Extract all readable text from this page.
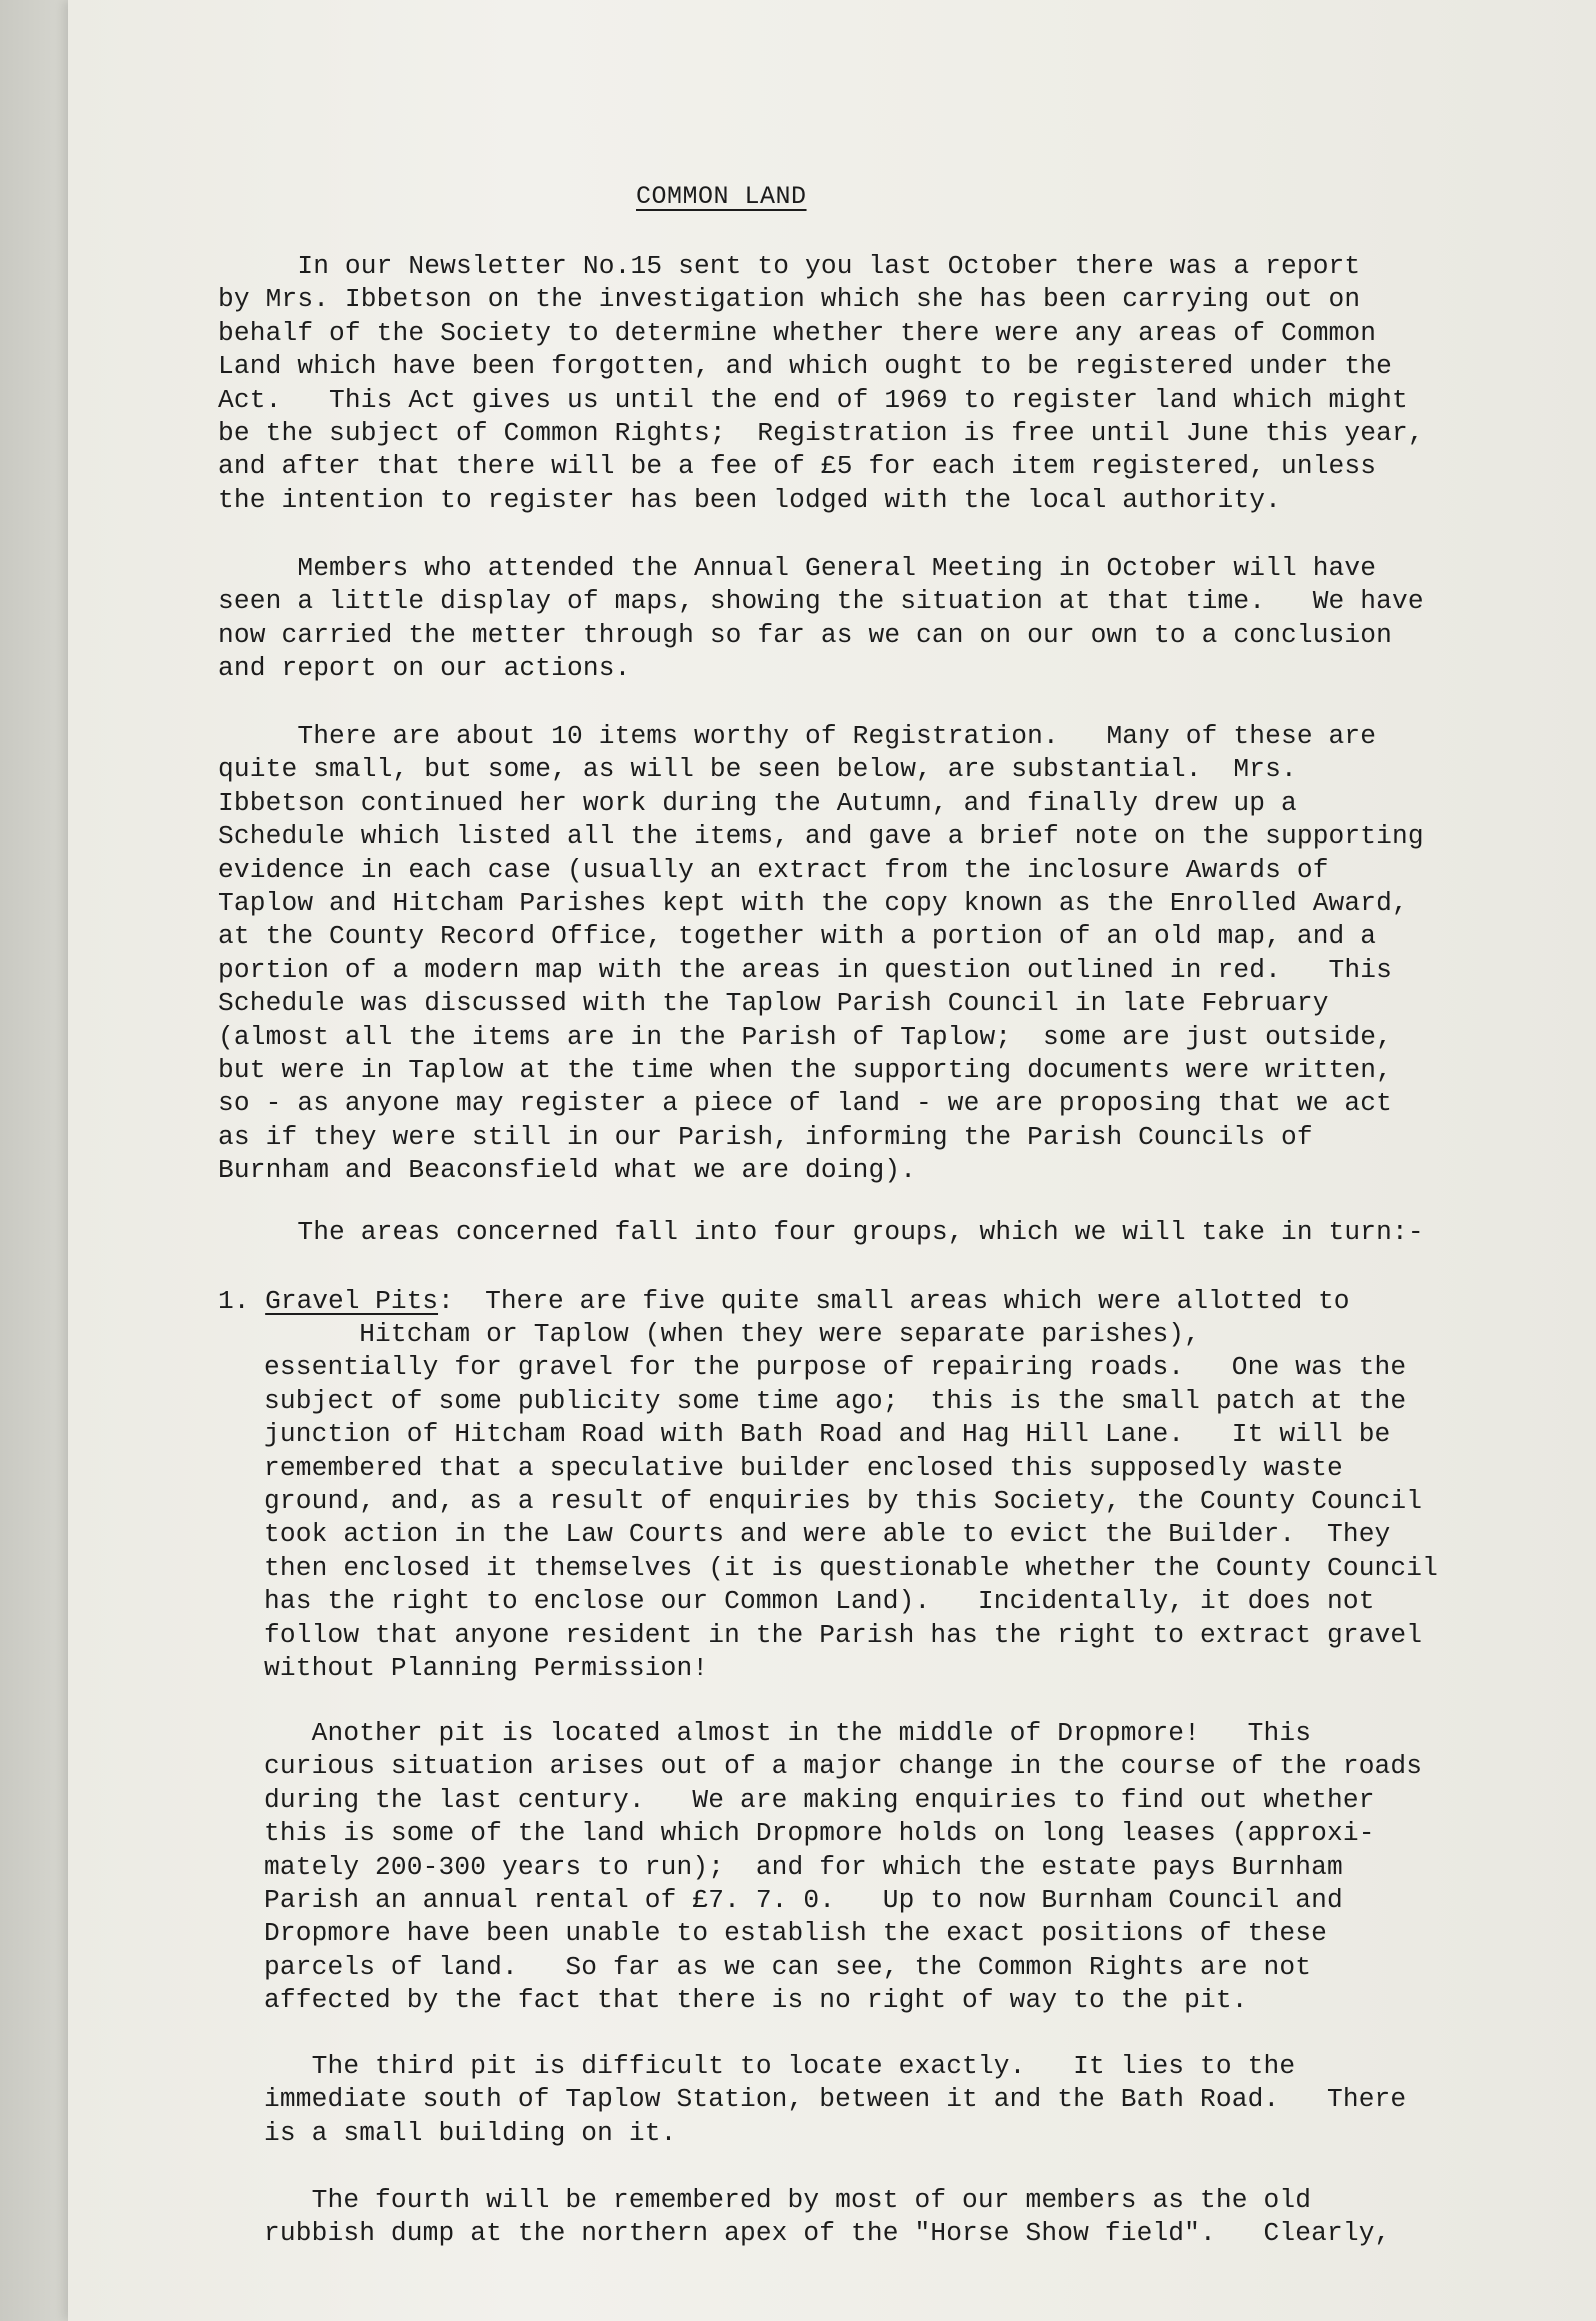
COMMON LAND

In our Newsletter No.15 sent to you last October there was a report
by Mrs. Ibbetson on the investigation which she has been carrying out on
behalf of the Society to determine whether there were any areas of Common
Land which have been forgotten, and which ought to be registered under the
Act.   This Act gives us until the end of 1969 to register land which might
be the subject of Common Rights;  Registration is free until June this year,
and after that there will be a fee of £5 for each item registered, unless
the intention to register has been lodged with the local authority.

Members who attended the Annual General Meeting in October will have
seen a little display of maps, showing the situation at that time.   We have
now carried the metter through so far as we can on our own to a conclusion
and report on our actions.

There are about 10 items worthy of Registration.   Many of these are
quite small, but some, as will be seen below, are substantial.  Mrs.
Ibbetson continued her work during the Autumn, and finally drew up a
Schedule which listed all the items, and gave a brief note on the supporting
evidence in each case (usually an extract from the inclosure Awards of
Taplow and Hitcham Parishes kept with the copy known as the Enrolled Award,
at the County Record Office, together with a portion of an old map, and a
portion of a modern map with the areas in question outlined in red.   This
Schedule was discussed with the Taplow Parish Council in late February
(almost all the items are in the Parish of Taplow;  some are just outside,
but were in Taplow at the time when the supporting documents were written,
so - as anyone may register a piece of land - we are proposing that we act
as if they were still in our Parish, informing the Parish Councils of
Burnham and Beaconsfield what we are doing).

The areas concerned fall into four groups, which we will take in turn:-

1. Gravel Pits:  There are five quite small areas which were allotted to

Hitcham or Taplow (when they were separate parishes),
essentially for gravel for the purpose of repairing roads.   One was the
subject of some publicity some time ago;  this is the small patch at the
junction of Hitcham Road with Bath Road and Hag Hill Lane.   It will be
remembered that a speculative builder enclosed this supposedly waste
ground, and, as a result of enquiries by this Society, the County Council
took action in the Law Courts and were able to evict the Builder.  They
then enclosed it themselves (it is questionable whether the County Council
has the right to enclose our Common Land).   Incidentally, it does not
follow that anyone resident in the Parish has the right to extract gravel
without Planning Permission!

Another pit is located almost in the middle of Dropmore!   This
curious situation arises out of a major change in the course of the roads
during the last century.   We are making enquiries to find out whether
this is some of the land which Dropmore holds on long leases (approxi-
mately 200-300 years to run);  and for which the estate pays Burnham
Parish an annual rental of £7. 7. 0.   Up to now Burnham Council and
Dropmore have been unable to establish the exact positions of these
parcels of land.   So far as we can see, the Common Rights are not
affected by the fact that there is no right of way to the pit.

The third pit is difficult to locate exactly.   It lies to the
immediate south of Taplow Station, between it and the Bath Road.   There
is a small building on it.

The fourth will be remembered by most of our members as the old
rubbish dump at the northern apex of the "Horse Show field".   Clearly,
